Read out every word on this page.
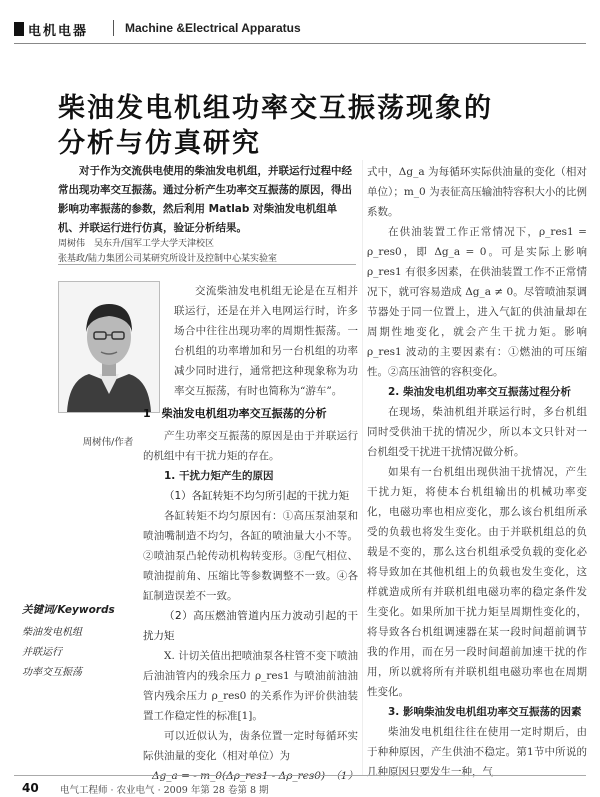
电机电器	Machine &Electrical Apparatus
柴油发电机组功率交互振荡现象的
分析与仿真研究

对于作为交流供电使用的柴油发电机组，并联运行过程中经常出现功率交互振荡。通过分析产生功率交互振荡的原因，得出影响功率振荡的参数，然后利用 Matlab 对柴油发电机组单机、并联运行进行仿真，验证分析结果。

周树伟　吴东升/国军工学大学天津校区
张基政/陆力集团公司某研究所设计及控制中心某实验室
周树伟/作者
关键词/Keywords
柴油发电机组
并联运行
功率交互振荡

交流柴油发电机组无论是在互相并联运行，还是在并入电网运行时，许多场合中往往出现功率的周期性振荡。一台机组的功率增加和另一台机组的功率减少同时进行，通常把这种现象称为功率交互振荡，有时也简称为“游车”。

1　柴油发电机组功率交互振荡的分析

产生功率交互振荡的原因是由于并联运行的机组中有干扰力矩的存在。

1. 干扰力矩产生的原因
（1）各缸转矩不均匀所引起的干扰力矩

各缸转矩不均匀原因有：①高压泵油泵和喷油嘴制造不均匀，各缸的喷油量大小不等。②喷油泵凸轮传动机构转变形。③配气相位、喷油提前角、压缩比等参数调整不一致。④各缸制造误差不一致。

（2）高压燃油管道内压力波动引起的干扰力矩

X. 计切关值出把喷油泵各柱管不变下喷油后油油管内的残余压力 ρ_res1 与喷油前油油管内残余压力 ρ_res0 的关系作为评价供油装置工作稳定性的标准[1]。

可以近似认为，齿条位置一定时每循环实际供油量的变化（相对单位）为

Δg_a = - m_0(Δρ_res1 - Δρ_res0)　（1）

式中，Δg_a 为每循环实际供油量的变化（相对单位）；m_0 为表征高压输油特容积大小的比例系数。

在供油装置工作正常情况下，ρ_res1 = ρ_res0，即 Δg_a = 0。可是实际上影响 ρ_res1 有很多因素，在供油装置工作不正常情况下，就可容易造成 Δg_a ≠ 0。尽管喷油泵调节器处于同一位置上，进入气缸的供油量却在周期性地变化，就会产生干扰力矩。影响 ρ_res1 波动的主要因素有：①燃油的可压缩性。②高压油管的容积变化。

2. 柴油发电机组功率交互振荡过程分析

在现场，柴油机组并联运行时，多台机组同时受供油干扰的情况少，所以本文只针对一台机组受干扰进干扰情况做分析。

如果有一台机组出现供油干扰情况，产生干扰力矩，将使本台机组输出的机械功率变化，电磁功率也相应变化，那么该台机组所承受的负载也将发生变化。由于并联机组总的负载是不变的，那么这台机组承受负载的变化必将导致加在其他机组上的负载也发生变化，这样就造成所有并联机组电磁功率的稳定条件发生变化。如果所加干扰力矩呈周期性变化的，将导致各台机组调速器在某一段时间超前调节我的作用，而在另一段时间超前加速干扰的作用，所以就将所有并联机组电磁功率也在周期性变化。

3. 影响柴油发电机组功率交互振荡的因素

柴油发电机组往往在使用一定时期后，由于种种原因，产生供油不稳定。第1节中所说的几种原因只要发生一种，气

40 电气工程师 · 农业电气 · 2009 年第 28 卷第 8 期
